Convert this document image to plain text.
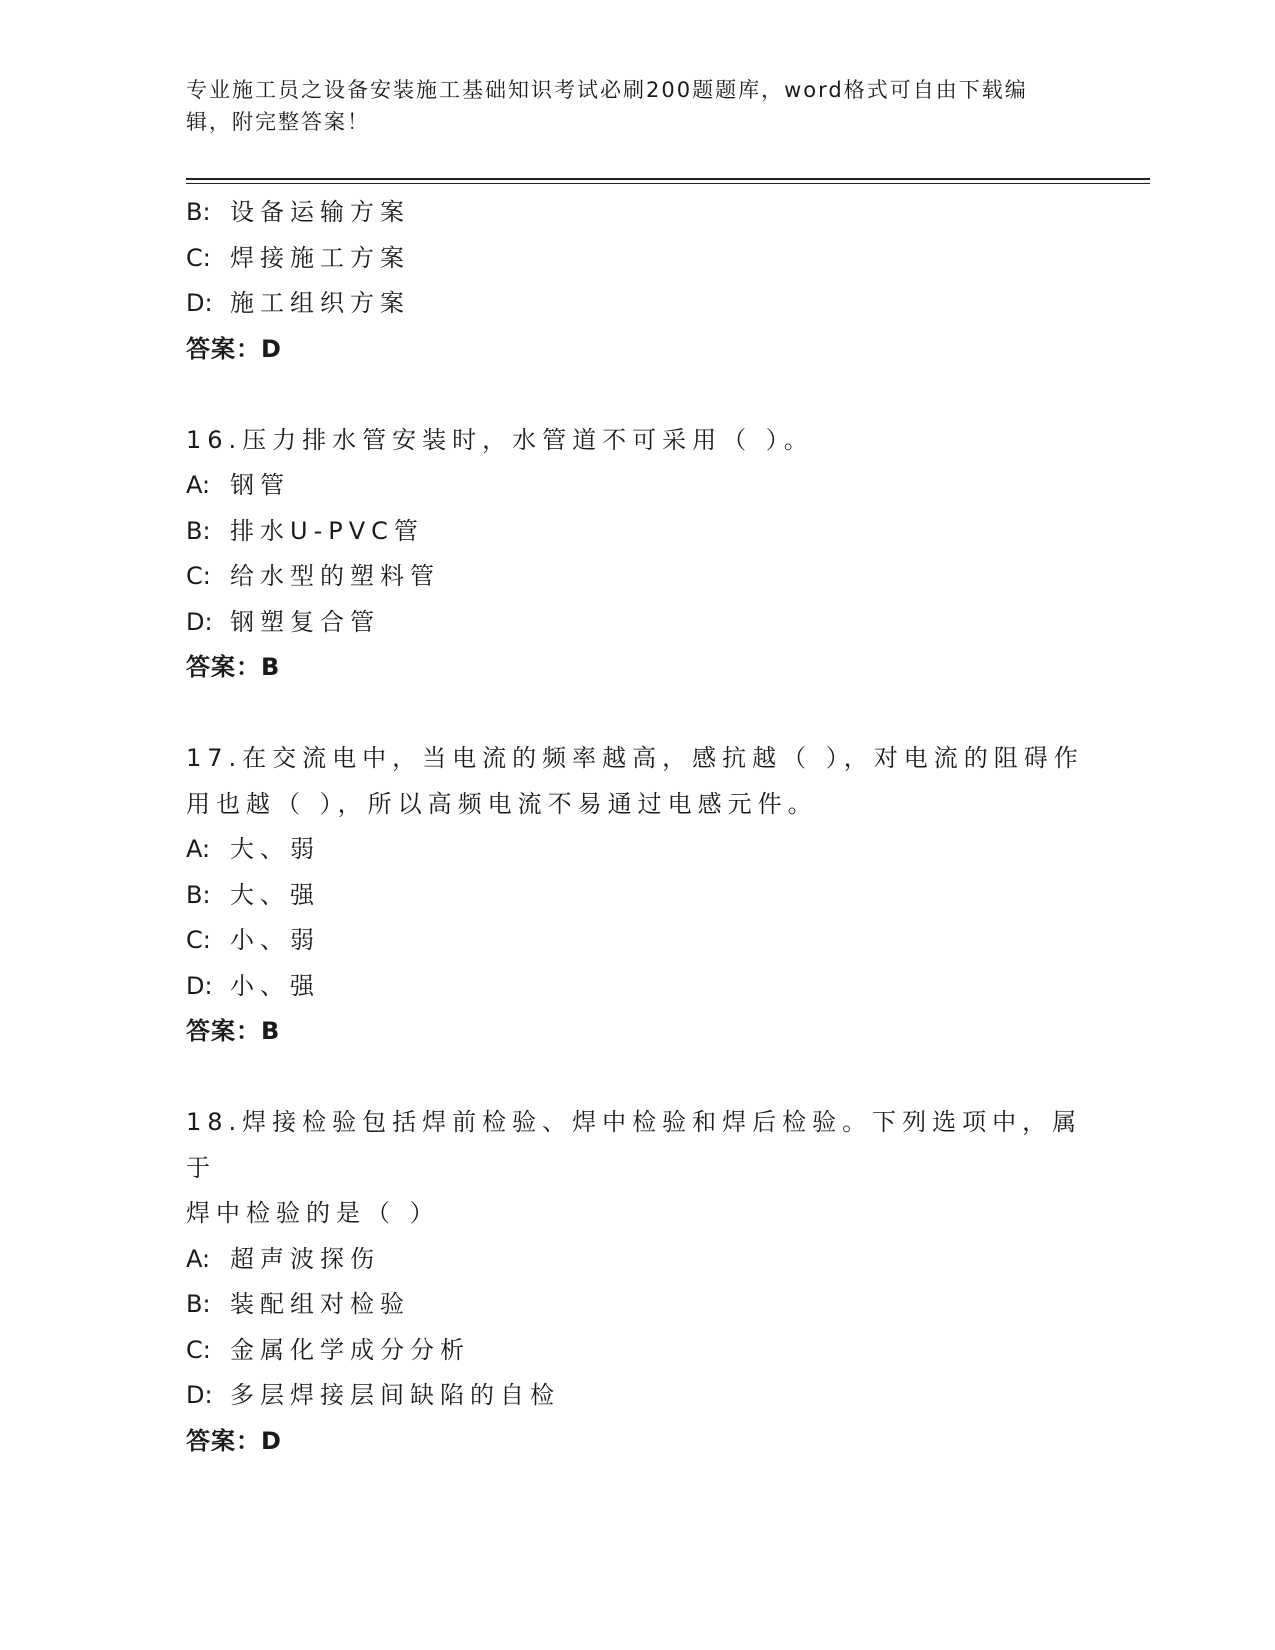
专业施工员之设备安装施工基础知识考试必刷200题题库，word格式可自由下载编辑，附完整答案！
B: 设备运输方案
C: 焊接施工方案
D: 施工组织方案
答案：D
16.压力排水管安装时，水管道不可采用（ ）。
A: 钢管
B: 排水U-PVC管
C: 给水型的塑料管
D: 钢塑复合管
答案：B
17.在交流电中，当电流的频率越高，感抗越（ ），对电流的阻碍作
用也越（ ），所以高频电流不易通过电感元件。
A: 大、弱
B: 大、强
C: 小、弱
D: 小、强
答案：B
18.焊接检验包括焊前检验、焊中检验和焊后检验。下列选项中，属于
焊中检验的是（ ）
A: 超声波探伤
B: 装配组对检验
C: 金属化学成分分析
D: 多层焊接层间缺陷的自检
答案：D
